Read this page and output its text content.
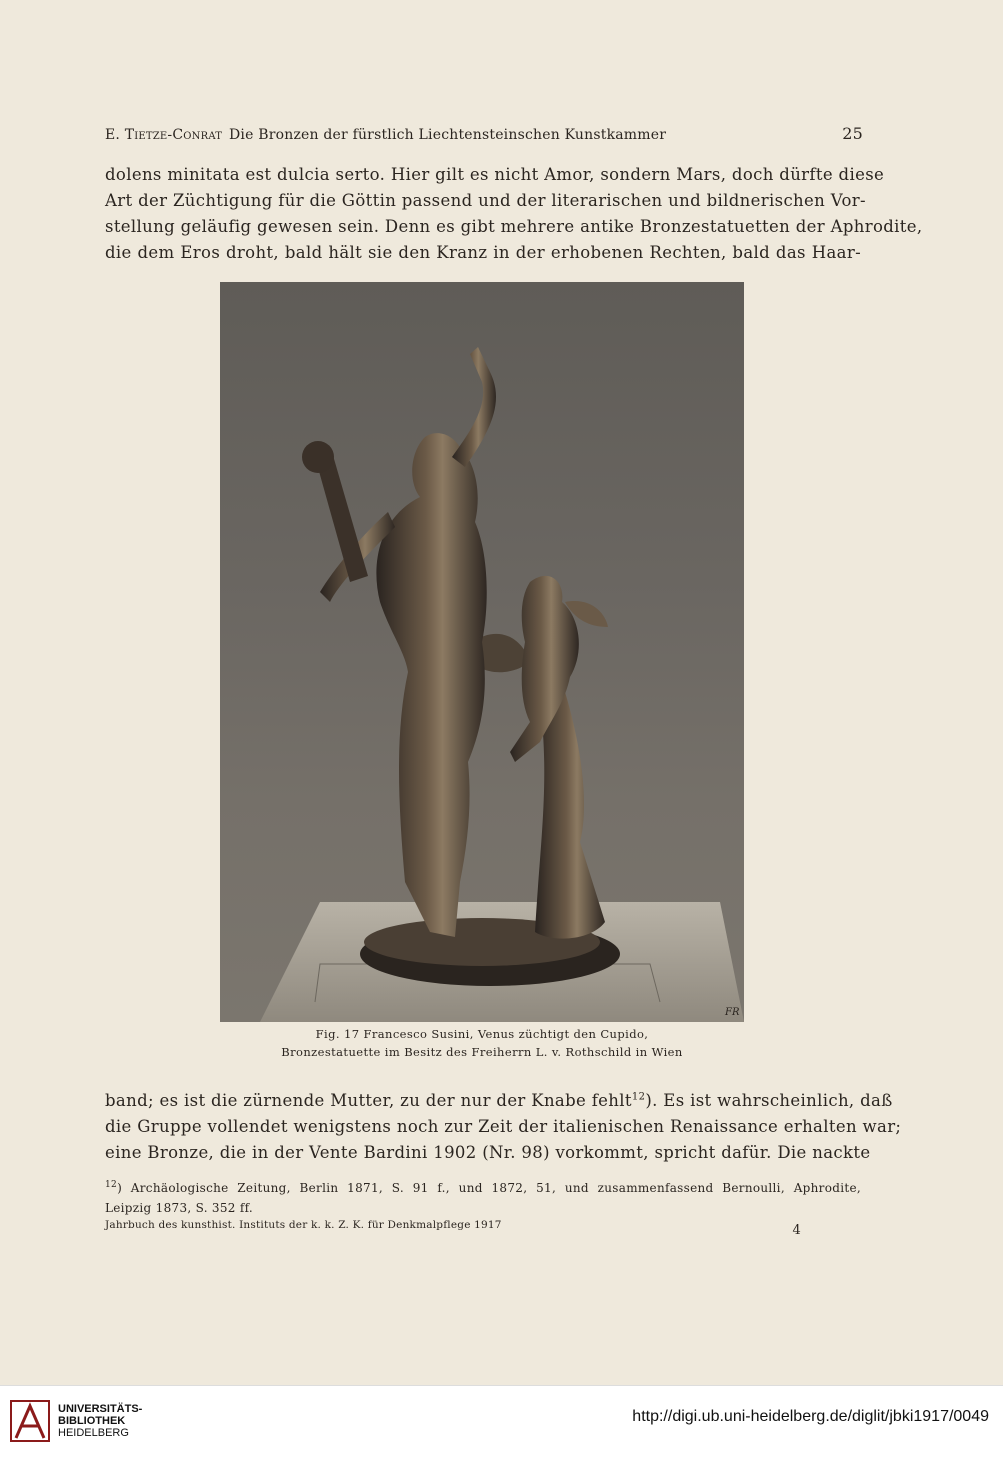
E. Tietze-Conrat Die Bronzen der fürstlich Liechtensteinschen Kunstkammer	25
dolens minitata est dulcia serto. Hier gilt es nicht Amor, sondern Mars, doch dürfte diese
Art der Züchtigung für die Göttin passend und der literarischen und bildnerischen Vor-
stellung geläufig gewesen sein. Denn es gibt mehrere antike Bronzestatuetten der Aphrodite,
die dem Eros droht, bald hält sie den Kranz in der erhobenen Rechten, bald das Haar-
FR
Fig. 17 Francesco Susini, Venus züchtigt den Cupido,
Bronzestatuette im Besitz des Freiherrn L. v. Rothschild in Wien
band; es ist die zürnende Mutter, zu der nur der Knabe fehlt$^{12}$). Es ist wahrscheinlich, daß
die Gruppe vollendet wenigstens noch zur Zeit der italienischen Renaissance erhalten war;
eine Bronze, die in der Vente Bardini 1902 (Nr. 98) vorkommt, spricht dafür. Die nackte
$^{12}$) Archäologische Zeitung, Berlin 1871, S. 91 f., und 1872, 51, und zusammenfassend Bernoulli, Aphrodite,
Leipzig 1873, S. 352 ff.
Jahrbuch des kunsthist. Instituts der k. k. Z. K. für Denkmalpflege 1917	4
UNIVERSITÄTS-
BIBLIOTHEK
HEIDELBERG
http://digi.ub.uni-heidelberg.de/diglit/jbki1917/0049
